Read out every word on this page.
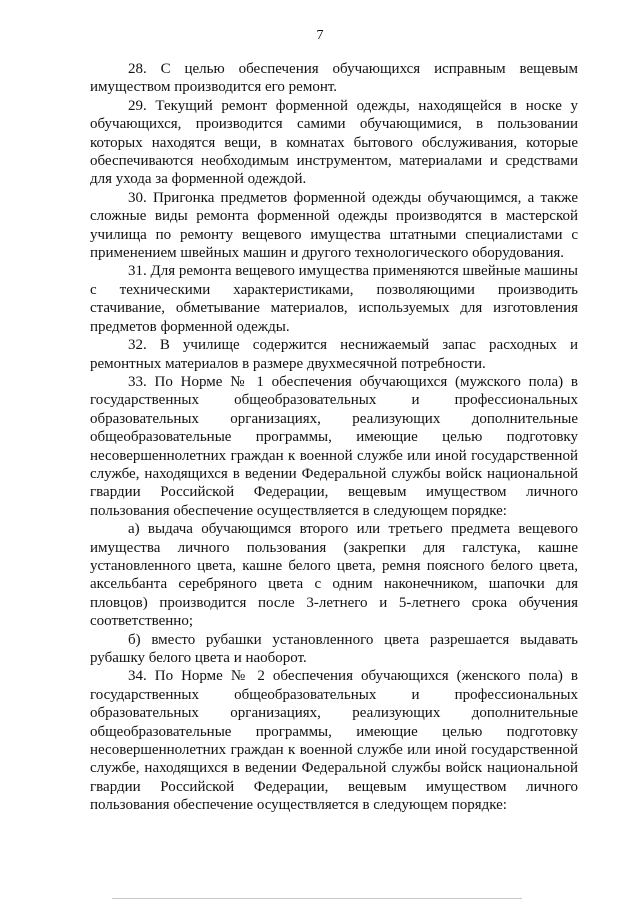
7

28. С целью обеспечения обучающихся исправным вещевым имуществом производится его ремонт.

29. Текущий ремонт форменной одежды, находящейся в носке у обучающихся, производится самими обучающимися, в пользовании которых находятся вещи, в комнатах бытового обслуживания, которые обеспечиваются необходимым инструментом, материалами и средствами для ухода за форменной одеждой.

30. Пригонка предметов форменной одежды обучающимся, а также сложные виды ремонта форменной одежды производятся в мастерской училища по ремонту вещевого имущества штатными специалистами с применением швейных машин и другого технологического оборудования.

31. Для ремонта вещевого имущества применяются швейные машины с техническими характеристиками, позволяющими производить стачивание, обметывание материалов, используемых для изготовления предметов форменной одежды.

32. В училище содержится неснижаемый запас расходных и ремонтных материалов в размере двухмесячной потребности.

33. По Норме № 1 обеспечения обучающихся (мужского пола) в государственных общеобразовательных и профессиональных образовательных организациях, реализующих дополнительные общеобразовательные программы, имеющие целью подготовку несовершеннолетних граждан к военной службе или иной государственной службе, находящихся в ведении Федеральной службы войск национальной гвардии Российской Федерации, вещевым имуществом личного пользования обеспечение осуществляется в следующем порядке:

а) выдача обучающимся второго или третьего предмета вещевого имущества личного пользования (закрепки для галстука, кашне установленного цвета, кашне белого цвета, ремня поясного белого цвета, аксельбанта серебряного цвета с одним наконечником, шапочки для пловцов) производится после 3-летнего и 5-летнего срока обучения соответственно;

б) вместо рубашки установленного цвета разрешается выдавать рубашку белого цвета и наоборот.

34. По Норме № 2 обеспечения обучающихся (женского пола) в государственных общеобразовательных и профессиональных образовательных организациях, реализующих дополнительные общеобразовательные программы, имеющие целью подготовку несовершеннолетних граждан к военной службе или иной государственной службе, находящихся в ведении Федеральной службы войск национальной гвардии Российской Федерации, вещевым имуществом личного пользования обеспечение осуществляется в следующем порядке:
